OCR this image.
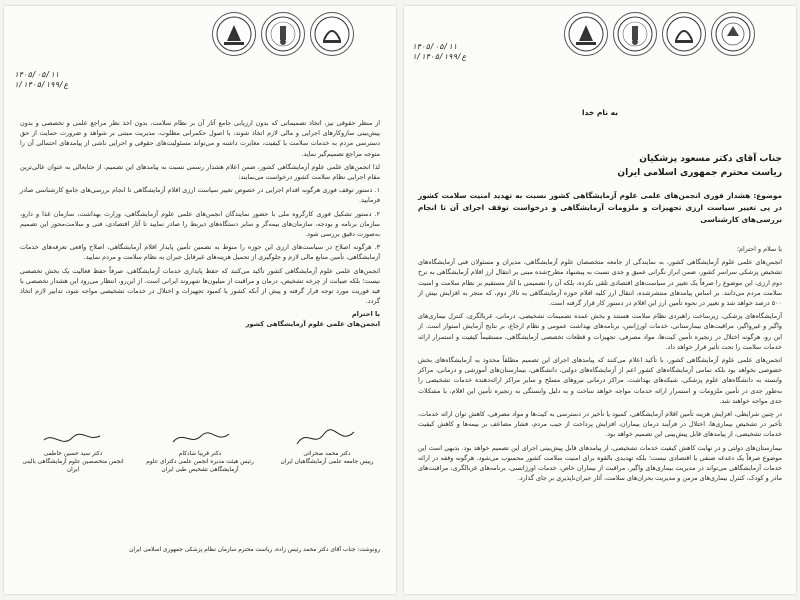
۱۴۰۵/۰۵/۱۱
۱/ع/۱۴۰۵/۱۹۹

از منظر حقوقی نیز، اتخاذ تصمیماتی که بدون ارزیابی جامع آثار آن بر نظام سلامت، بدون اخذ نظر مراجع علمی و تخصصی و بدون پیش‌بینی سازوکارهای اجرایی و مالی لازم اتخاذ شوند، با اصول حکمرانی مطلوب، مدیریت مبتنی بر شواهد و ضرورت حمایت از حق دسترسی مردم به خدمات سلامت با کیفیت، مغایرت داشته و می‌تواند مسئولیت‌های حقوقی و اجرایی ناشی از پیامدهای احتمالی آن را متوجه مراجع تصمیم‌گیر نماید.

لذا انجمن‌های علمی علوم آزمایشگاهی کشور، ضمن اعلام هشدار رسمی نسبت به پیامدهای این تصمیم، از جنابعالی به عنوان عالی‌ترین مقام اجرایی نظام سلامت کشور درخواست می‌نمایند:

۱. دستور توقف فوری هرگونه اقدام اجرایی در خصوص تغییر سیاست ارزی اقلام آزمایشگاهی تا انجام بررسی‌های جامع کارشناسی صادر فرمایید.

۲. دستور تشکیل فوری کارگروه ملی با حضور نمایندگان انجمن‌های علمی علوم آزمایشگاهی، وزارت بهداشت، سازمان غذا و دارو، سازمان برنامه و بودجه، سازمان‌های بیمه‌گر و سایر دستگاه‌های ذیربط را صادر نمایید تا آثار اقتصادی، فنی و سلامت‌محور این تصمیم به‌صورت دقیق بررسی شود.

۳. هرگونه اصلاح در سیاست‌های ارزی این حوزه را منوط به تضمین تأمین پایدار اقلام آزمایشگاهی، اصلاح واقعی تعرفه‌های خدمات آزمایشگاهی، تأمین منابع مالی لازم و جلوگیری از تحمیل هزینه‌های غیرقابل جبران به نظام سلامت و مردم نمایید.

انجمن‌های علمی علوم آزمایشگاهی کشور تأکید می‌کنند که حفظ پایداری خدمات آزمایشگاهی، صرفاً حفظ فعالیت یک بخش تخصصی نیست؛ بلکه صیانت از چرخه تشخیص، درمان و مراقبت از میلیون‌ها شهروند ایرانی است. از این‌رو، انتظار می‌رود این هشدار تخصصی با قید فوریت مورد توجه قرار گرفته و پیش از آنکه کشور با کمبود تجهیزات و اختلال در خدمات تشخیصی مواجه شود، تدابیر لازم اتخاذ گردد.

با احترام
انجمن‌های علمی علوم آزمایشگاهی کشور
دکتر محمد صحرائی
رییس جامعه علمی آزمایشگاهیان ایران
دکتر فریبا شادکام
رئیس هیئت مدیره انجمن علمی دکترای علوم آزمایشگاهی تشخیص طبی ایران
دکتر سید حسین خاطمی
انجمن متخصصین علوم آزمایشگاهی بالینی ایران
رونوشت: جناب آقای دکتر محمد رئیس زاده، ریاست محترم سازمان نظام پزشکی جمهوری اسلامی ایران
۱۴۰۵/۰۵/۱۱
۱/ع/۱۴۰۵/۱۹۹
به نام خدا
جناب آقای دکتر مسعود پزشکیان
ریاست محترم جمهوری اسلامی ایران
موضوع: هشدار فوری انجمن‌های علمی علوم آزمایشگاهی کشور نسبت به تهدید امنیت سلامت کشور در پی تغییر سیاست ارزی تجهیزات و ملزومات آزمایشگاهی و درخواست توقف اجرای آن تا انجام بررسی‌های کارشناسی

با سلام و احترام؛

انجمن‌های علمی علوم آزمایشگاهی کشور، به نمایندگی از جامعه متخصصان علوم آزمایشگاهی، مدیران و مسئولان فنی آزمایشگاه‌های تشخیص پزشکی سراسر کشور، ضمن ابراز نگرانی عمیق و جدی نسبت به پیشنهاد مطرح‌شده مبنی بر انتقال ارز اقلام آزمایشگاهی به نرخ دوم ارزی، این موضوع را صرفاً یک تغییر در سیاست‌های اقتصادی تلقی نکرده، بلکه آن را تصمیمی با آثار مستقیم بر نظام سلامت و امنیت سلامت مردم می‌دانند. بر اساس پیامدهای منتشرشده، انتقال ارز کلیه اقلام حوزه آزمایشگاهی به تالار دوم، که منجر به افزایش بیش از ۵۰۰ درصد خواهد شد و تغییر در نحوه تأمین ارز این اقلام در دستور کار قرار گرفته است.

آزمایشگاه‌های پزشکی، زیرساخت راهبردی نظام سلامت هستند و بخش عمده تصمیمات تشخیصی، درمانی، غربالگری، کنترل بیماری‌های واگیر و غیرواگیر، مراقبت‌های بیمارستانی، خدمات اورژانس، برنامه‌های بهداشت عمومی و نظام ارجاع، بر نتایج آزمایش استوار است. از این رو، هرگونه اختلال در زنجیره تأمین کیت‌ها، مواد مصرفی، تجهیزات و قطعات تخصصی آزمایشگاهی، مستقیماً کیفیت و استمرار ارائه خدمات سلامت را تحت تأثیر قرار خواهد داد.

انجمن‌های علمی علوم آزمایشگاهی کشور، با تأکید اعلام می‌کنند که پیامدهای اجرای این تصمیم مطلقاً محدود به آزمایشگاه‌های بخش خصوصی نخواهد بود بلکه تمامی آزمایشگاه‌های کشور اعم از آزمایشگاه‌های دولتی، دانشگاهی، بیمارستان‌های آموزشی و درمانی، مراکز وابسته به دانشگاه‌های علوم پزشکی، شبکه‌های بهداشت، مراکز درمانی نیروهای مسلح و سایر مراکز ارائه‌دهنده خدمات تشخیصی را به‌طور جدی در تأمین ملزومات و استمرار ارائه خدمات مواجه خواهد ساخت و به دلیل وابستگی به زنجیره تأمین این اقلام، با مشکلات جدی مواجه خواهند شد.

در چنین شرایطی، افزایش هزینه تأمین اقلام آزمایشگاهی، کمبود یا تأخیر در دسترسی به کیت‌ها و مواد مصرفی، کاهش توان ارائه خدمات، تأخیر در تشخیص بیماری‌ها، اختلال در فرآیند درمان بیماران، افزایش پرداخت از جیب مردم، فشار مضاعف بر بیمه‌ها و کاهش کیفیت خدمات تشخیصی، از پیامدهای قابل پیش‌بینی این تصمیم خواهد بود.

بیمارستان‌های دولتی و در نهایت کاهش کیفیت خدمات تشخیصی، از پیامدهای قابل پیش‌بینی اجرای این تصمیم خواهد بود. بدیهی است این موضوع صرفاً یک دغدغه صنفی یا اقتصادی نیست؛ بلکه تهدیدی بالقوه برای امنیت سلامت کشور محسوب می‌شود. هرگونه وقفه در ارائه خدمات آزمایشگاهی می‌تواند در مدیریت بیماری‌های واگیر، مراقبت از بیماران خاص، خدمات اورژانسی، برنامه‌های غربالگری، مراقبت‌های مادر و کودک، کنترل بیماری‌های مزمن و مدیریت بحران‌های سلامت، آثار جبران‌ناپذیری بر جای گذارد.
